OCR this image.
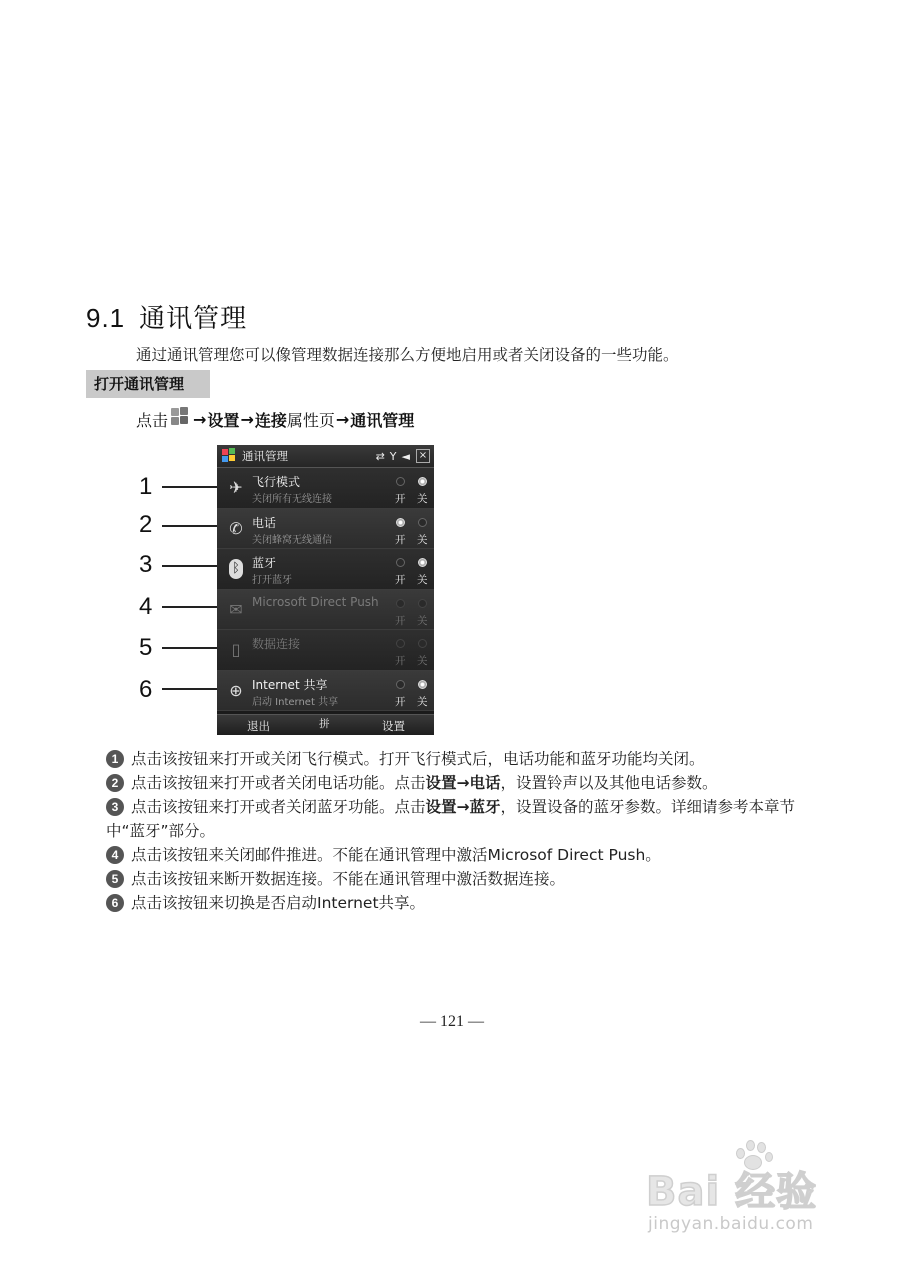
9.1 通讯管理
通过通讯管理您可以像管理数据连接那么方便地启用或者关闭设备的一些功能。
打开通讯管理
点击 → 设置 → 连接 属性页 → 通讯管理
1
2
3
4
5
6
通讯管理	⇄ Y ◄ ×
✈ 飞行模式
关闭所有无线连接	开 关
✆ 电话
关闭蜂窝无线通信	开 关
ᛒ 蓝牙
打开蓝牙	开 关
✉ Microsoft Direct Push
开 关
▯ 数据连接
开 关
⊕ Internet 共享
启动 Internet 共享	开 关
退出	拼	设置
1 点击该按钮来打开或关闭飞行模式。打开飞行模式后，电话功能和蓝牙功能均关闭。
2 点击该按钮来打开或者关闭电话功能。点击设置→电话，设置铃声以及其他电话参数。
3 点击该按钮来打开或者关闭蓝牙功能。点击设置→蓝牙，设置设备的蓝牙参数。详细请参考本章节中“蓝牙”部分。
4 点击该按钮来关闭邮件推进。不能在通讯管理中激活Microsof Direct Push。
5 点击该按钮来断开数据连接。不能在通讯管理中激活数据连接。
6 点击该按钮来切换是否启动Internet共享。
— 121 —
Bai 经验
jingyan.baidu.com
